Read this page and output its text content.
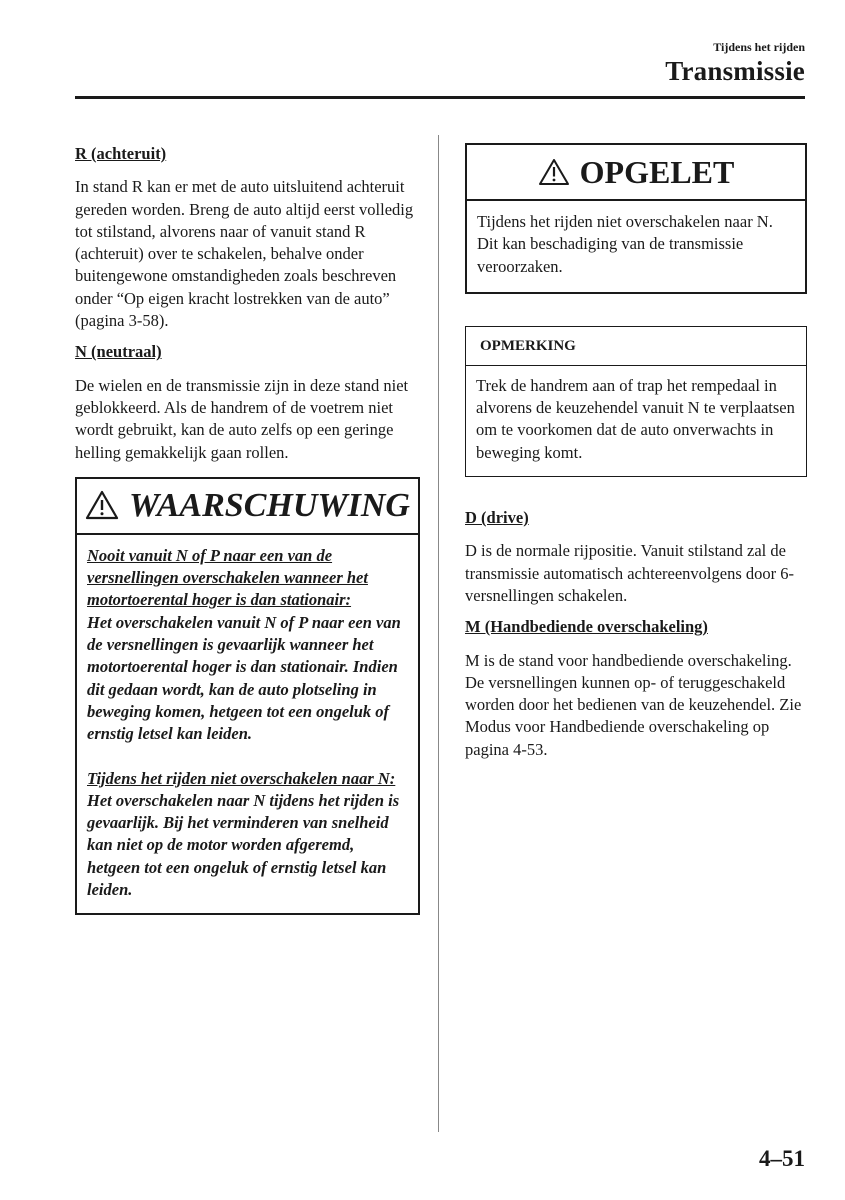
Tijdens het rijden
Transmissie
R (achteruit)
In stand R kan er met de auto uitsluitend achteruit gereden worden. Breng de auto altijd eerst volledig tot stilstand, alvorens naar of vanuit stand R (achteruit) over te schakelen, behalve onder buitengewone omstandigheden zoals beschreven onder “Op eigen kracht lostrekken van de auto” (pagina 3-58).
N (neutraal)
De wielen en de transmissie zijn in deze stand niet geblokkeerd. Als de handrem of de voetrem niet wordt gebruikt, kan de auto zelfs op een geringe helling gemakkelijk gaan rollen.
WAARSCHUWING
Nooit vanuit N of P naar een van de versnellingen overschakelen wanneer het motortoerental hoger is dan stationair:
Het overschakelen vanuit N of P naar een van de versnellingen is gevaarlijk wanneer het motortoerental hoger is dan stationair. Indien dit gedaan wordt, kan de auto plotseling in beweging komen, hetgeen tot een ongeluk of ernstig letsel kan leiden.
Tijdens het rijden niet overschakelen naar N:
Het overschakelen naar N tijdens het rijden is gevaarlijk. Bij het verminderen van snelheid kan niet op de motor worden afgeremd, hetgeen tot een ongeluk of ernstig letsel kan leiden.
OPGELET
Tijdens het rijden niet overschakelen naar N. Dit kan beschadiging van de transmissie veroorzaken.
OPMERKING
Trek de handrem aan of trap het rempedaal in alvorens de keuzehendel vanuit N te verplaatsen om te voorkomen dat de auto onverwachts in beweging komt.
D (drive)
D is de normale rijpositie. Vanuit stilstand zal de transmissie automatisch achtereenvolgens door 6-versnellingen schakelen.
M (Handbediende overschakeling)
M is de stand voor handbediende overschakeling. De versnellingen kunnen op- of teruggeschakeld worden door het bedienen van de keuzehendel. Zie Modus voor Handbediende overschakeling op pagina 4-53.
4–51
